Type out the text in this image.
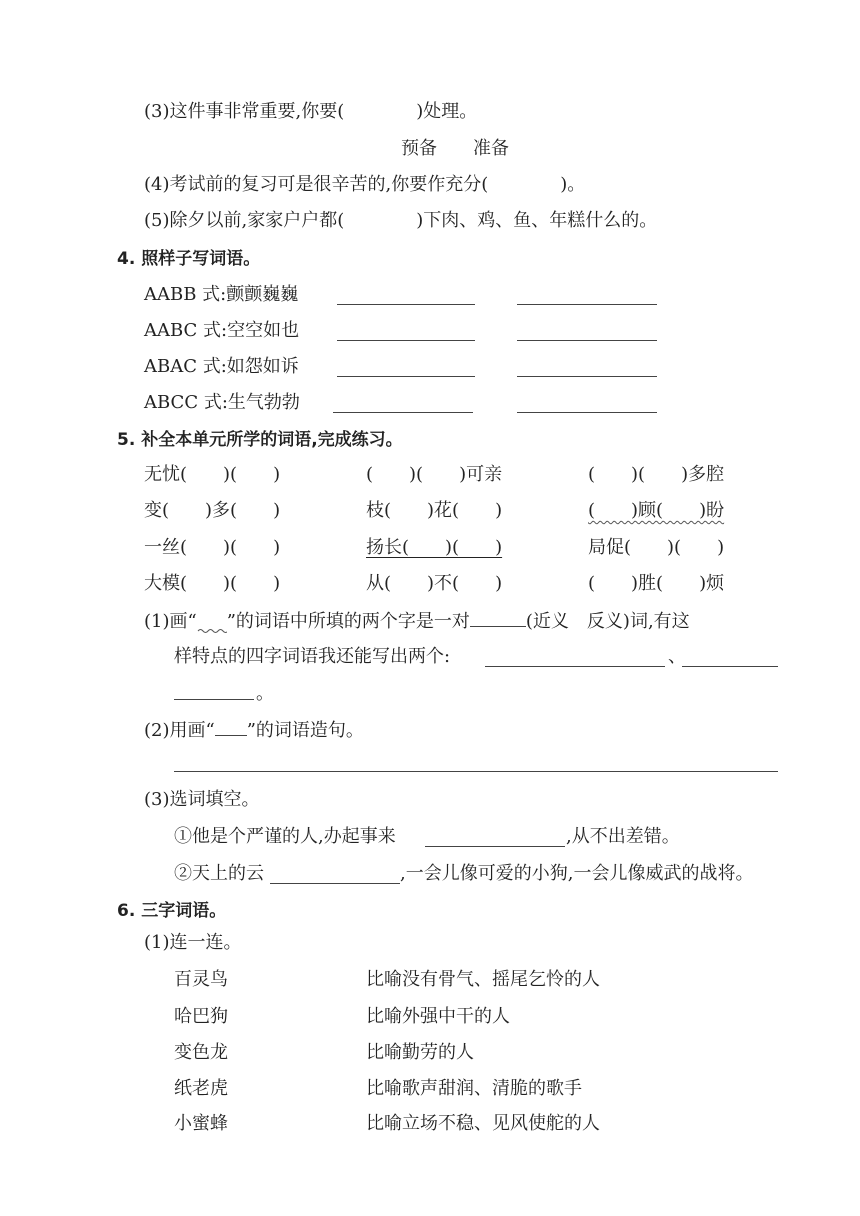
(3)这件事非常重要,你要(　　　　)处理。
预备　　准备
(4)考试前的复习可是很辛苦的,你要作充分(　　　　)。
(5)除夕以前,家家户户都(　　　　)下肉、鸡、鱼、年糕什么的。
4. 照样子写词语。
AABB 式:颤颤巍巍
AABC 式:空空如也
ABAC 式:如怨如诉
ABCC 式:生气勃勃
5. 补全本单元所学的词语,完成练习。
无忧(　　)(　　)	(　　)(　　)可亲	(　　)(　　)多腔
变(　　)多(　　)	枝(　　)花(　　)	(　　)顾(　　)盼
一丝(　　)(　　)	扬长(　　)(　　)	局促(　　)(　　)
大模(　　)(　　)	从(　　)不(　　)	(　　)胜(　　)烦
(1)画“ ”的词语中所填的两个字是一对	(近义　反义)词,有这
样特点的四字词语我还能写出两个:	、
。
(2)用画“ ”的词语造句。
(3)选词填空。
①他是个严谨的人,办起事来	,从不出差错。
②天上的云	,一会儿像可爱的小狗,一会儿像威武的战将。
6. 三字词语。
(1)连一连。
百灵鸟	比喻没有骨气、摇尾乞怜的人
哈巴狗	比喻外强中干的人
变色龙	比喻勤劳的人
纸老虎	比喻歌声甜润、清脆的歌手
小蜜蜂	比喻立场不稳、见风使舵的人
